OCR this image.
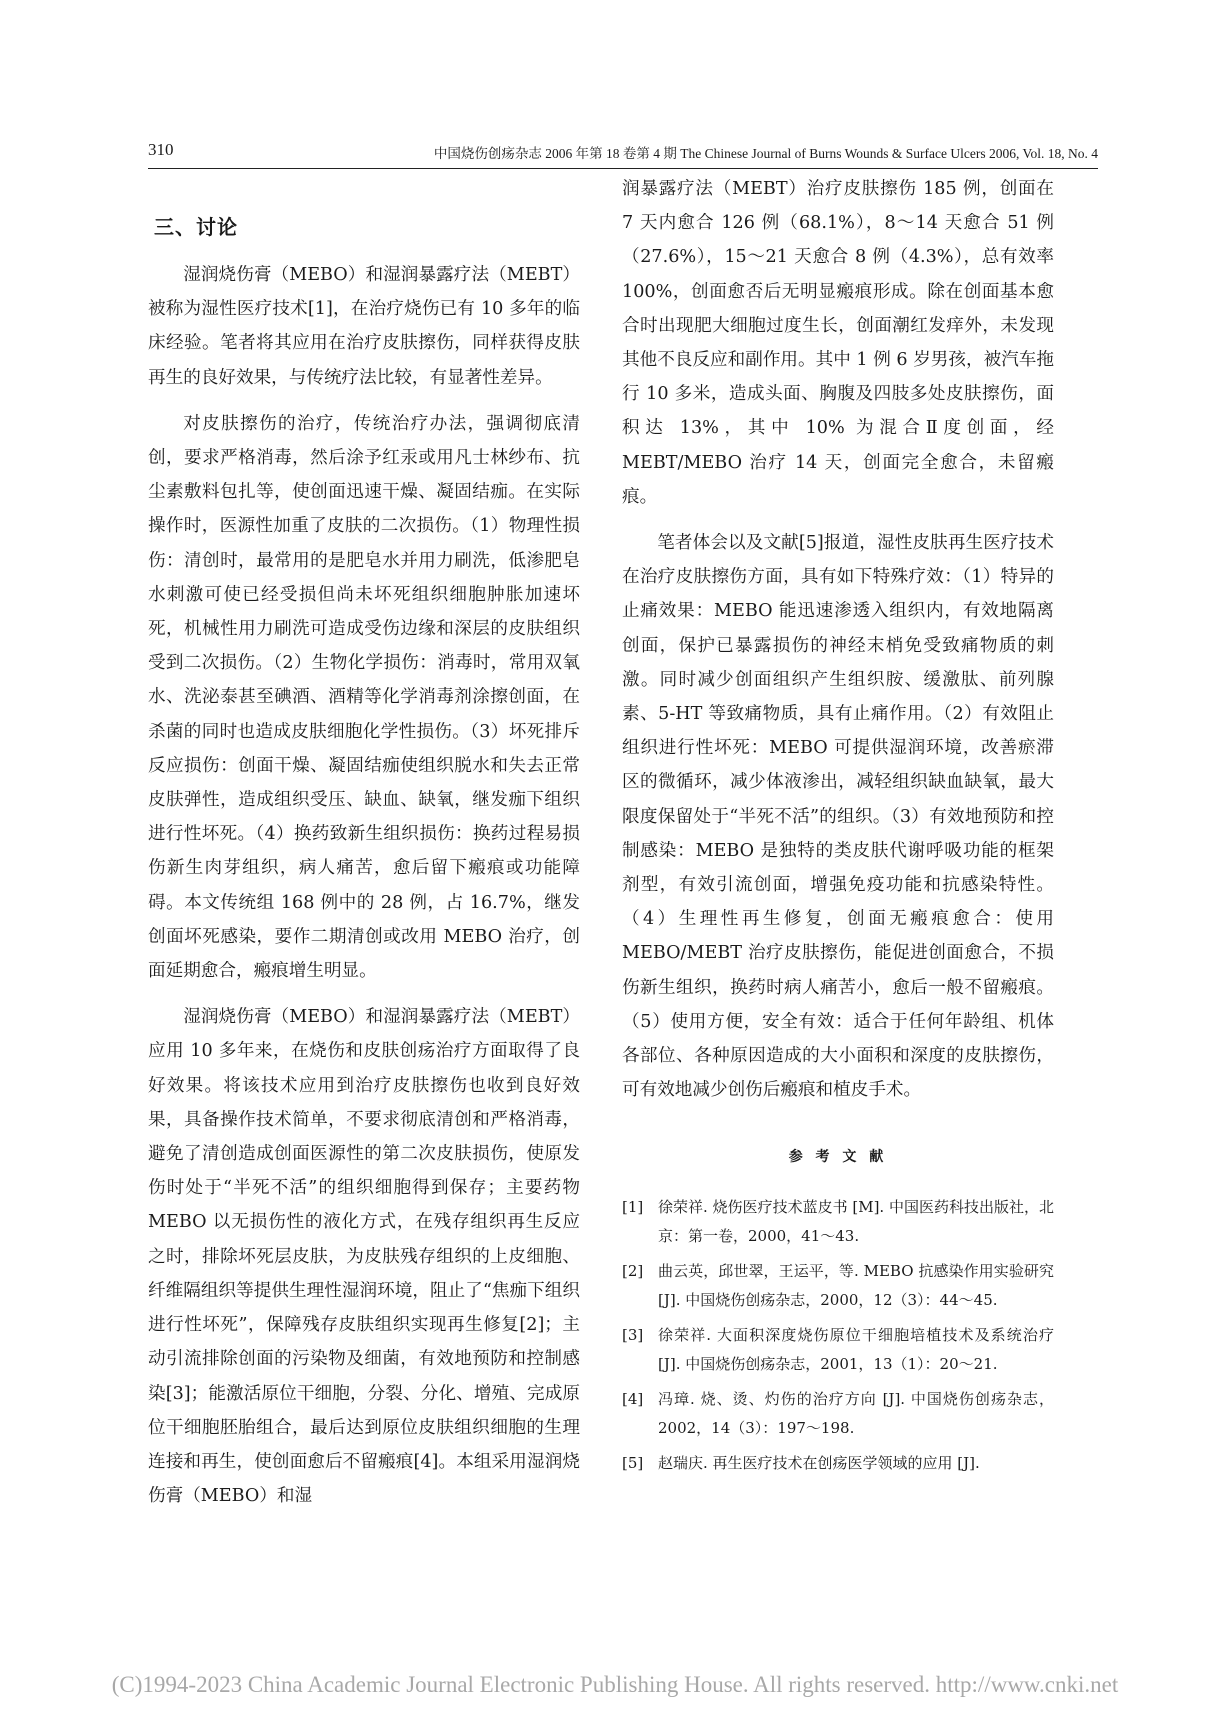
310	中国烧伤创疡杂志 2006 年第 18 卷第 4 期 The Chinese Journal of Burns Wounds & Surface Ulcers 2006, Vol. 18, No. 4
三、讨论

湿润烧伤膏（MEBO）和湿润暴露疗法（MEBT）被称为湿性医疗技术[1]，在治疗烧伤已有 10 多年的临床经验。笔者将其应用在治疗皮肤擦伤，同样获得皮肤再生的良好效果，与传统疗法比较，有显著性差异。

对皮肤擦伤的治疗，传统治疗办法，强调彻底清创，要求严格消毒，然后涂予红汞或用凡士林纱布、抗尘素敷料包扎等，使创面迅速干燥、凝固结痂。在实际操作时，医源性加重了皮肤的二次损伤。（1）物理性损伤：清创时，最常用的是肥皂水并用力刷洗，低渗肥皂水刺激可使已经受损但尚未坏死组织细胞肿胀加速坏死，机械性用力刷洗可造成受伤边缘和深层的皮肤组织受到二次损伤。（2）生物化学损伤：消毒时，常用双氧水、洗泌泰甚至碘酒、酒精等化学消毒剂涂擦创面，在杀菌的同时也造成皮肤细胞化学性损伤。（3）坏死排斥反应损伤：创面干燥、凝固结痂使组织脱水和失去正常皮肤弹性，造成组织受压、缺血、缺氧，继发痂下组织进行性坏死。（4）换药致新生组织损伤：换药过程易损伤新生肉芽组织，病人痛苦，愈后留下瘢痕或功能障碍。本文传统组 168 例中的 28 例，占 16.7%，继发创面坏死感染，要作二期清创或改用 MEBO 治疗，创面延期愈合，瘢痕增生明显。

湿润烧伤膏（MEBO）和湿润暴露疗法（MEBT）应用 10 多年来，在烧伤和皮肤创疡治疗方面取得了良好效果。将该技术应用到治疗皮肤擦伤也收到良好效果，具备操作技术简单，不要求彻底清创和严格消毒，避免了清创造成创面医源性的第二次皮肤损伤，使原发伤时处于“半死不活”的组织细胞得到保存；主要药物 MEBO 以无损伤性的液化方式，在残存组织再生反应之时，排除坏死层皮肤，为皮肤残存组织的上皮细胞、纤维隔组织等提供生理性湿润环境，阻止了“焦痂下组织进行性坏死”，保障残存皮肤组织实现再生修复[2]；主动引流排除创面的污染物及细菌，有效地预防和控制感染[3]；能激活原位干细胞，分裂、分化、增殖、完成原位干细胞胚胎组合，最后达到原位皮肤组织细胞的生理连接和再生，使创面愈后不留瘢痕[4]。本组采用湿润烧伤膏（MEBO）和湿

润暴露疗法（MEBT）治疗皮肤擦伤 185 例，创面在 7 天内愈合 126 例（68.1%），8～14 天愈合 51 例（27.6%），15～21 天愈合 8 例（4.3%），总有效率 100%，创面愈否后无明显瘢痕形成。除在创面基本愈合时出现肥大细胞过度生长，创面潮红发痒外，未发现其他不良反应和副作用。其中 1 例 6 岁男孩，被汽车拖行 10 多米，造成头面、胸腹及四肢多处皮肤擦伤，面积达 13%，其中 10% 为混合Ⅱ度创面，经 MEBT/MEBO 治疗 14 天，创面完全愈合，未留瘢痕。

笔者体会以及文献[5]报道，湿性皮肤再生医疗技术在治疗皮肤擦伤方面，具有如下特殊疗效：（1）特异的止痛效果：MEBO 能迅速渗透入组织内，有效地隔离创面，保护已暴露损伤的神经末梢免受致痛物质的刺激。同时减少创面组织产生组织胺、缓激肽、前列腺素、5-HT 等致痛物质，具有止痛作用。（2）有效阻止组织进行性坏死：MEBO 可提供湿润环境，改善瘀滞区的微循环，减少体液渗出，减轻组织缺血缺氧，最大限度保留处于“半死不活”的组织。（3）有效地预防和控制感染：MEBO 是独特的类皮肤代谢呼吸功能的框架剂型，有效引流创面，增强免疫功能和抗感染特性。（4）生理性再生修复，创面无瘢痕愈合：使用 MEBO/MEBT 治疗皮肤擦伤，能促进创面愈合，不损伤新生组织，换药时病人痛苦小，愈后一般不留瘢痕。（5）使用方便，安全有效：适合于任何年龄组、机体各部位、各种原因造成的大小面积和深度的皮肤擦伤，可有效地减少创伤后瘢痕和植皮手术。

参 考 文 献
[1] 徐荣祥. 烧伤医疗技术蓝皮书 [M]. 中国医药科技出版社，北京：第一卷，2000，41～43.
[2] 曲云英，邱世翠，王运平，等. MEBO 抗感染作用实验研究 [J]. 中国烧伤创疡杂志，2000，12（3）：44～45.
[3] 徐荣祥. 大面积深度烧伤原位干细胞培植技术及系统治疗 [J]. 中国烧伤创疡杂志，2001，13（1）：20～21.
[4] 冯璋. 烧、烫、灼伤的治疗方向 [J]. 中国烧伤创疡杂志，2002，14（3）：197～198.
[5] 赵瑞庆. 再生医疗技术在创疡医学领域的应用 [J].
(C)1994-2023 China Academic Journal Electronic Publishing House. All rights reserved. http://www.cnki.net
